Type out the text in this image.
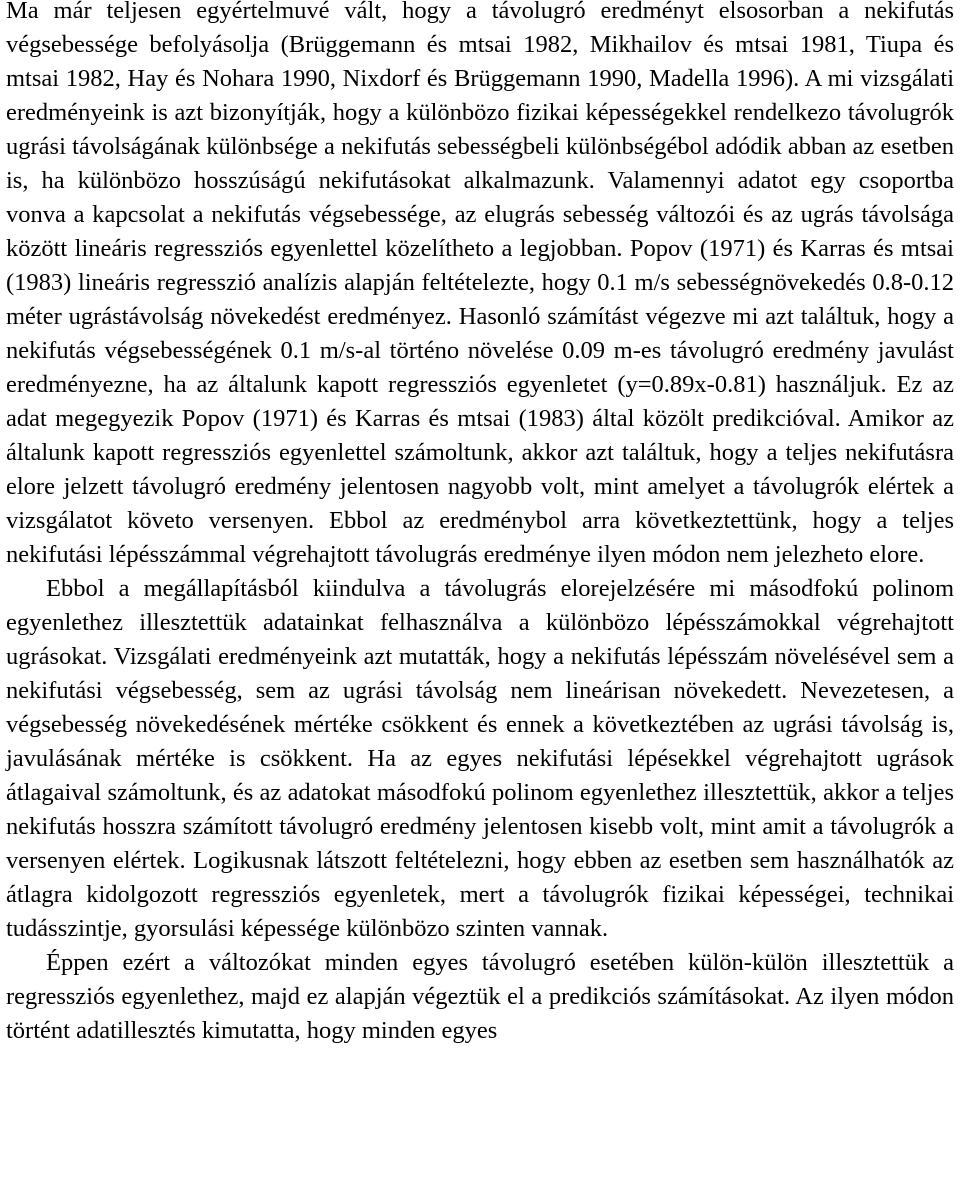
Ma már teljesen egyértelmuvé vált, hogy a távolugró eredményt elsosorban a nekifutás végsebessége befolyásolja (Brüggemann és mtsai 1982, Mikhailov és mtsai 1981, Tiupa és mtsai 1982, Hay és Nohara 1990, Nixdorf és Brüggemann 1990, Madella 1996). A mi vizsgálati eredményeink is azt bizonyítják, hogy a különbözo fizikai képességekkel rendelkezo távolugrók ugrási távolságának különbsége a nekifutás sebességbeli különbségébol adódik abban az esetben is, ha különbözo hosszúságú nekifutásokat alkalmazunk. Valamennyi adatot egy csoportba vonva a kapcsolat a nekifutás végsebessége, az elugrás sebesség változói és az ugrás távolsága között lineáris regressziós egyenlettel közelítheto a legjobban. Popov (1971) és Karras és mtsai (1983) lineáris regresszió analízis alapján feltételezte, hogy 0.1 m/s sebességnövekedés 0.8-0.12 méter ugrástávolság növekedést eredményez. Hasonló számítást végezve mi azt találtuk, hogy a nekifutás végsebességének 0.1 m/s-al történo növelése 0.09 m-es távolugró eredmény javulást eredményezne, ha az általunk kapott regressziós egyenletet (y=0.89x-0.81) használjuk. Ez az adat megegyezik Popov (1971) és Karras és mtsai (1983) által közölt predikcióval. Amikor az általunk kapott regressziós egyenlettel számoltunk, akkor azt találtuk, hogy a teljes nekifutásra elore jelzett távolugró eredmény jelentosen nagyobb volt, mint amelyet a távolugrók elértek a vizsgálatot követo versenyen. Ebbol az eredménybol arra következtettünk, hogy a teljes nekifutási lépésszámmal végrehajtott távolugrás eredménye ilyen módon nem jelezheto elore.

Ebbol a megállapításból kiindulva a távolugrás elorejelzésére mi másodfokú polinom egyenlethez illesztettük adatainkat felhasználva a különbözo lépésszámokkal végrehajtott ugrásokat. Vizsgálati eredményeink azt mutatták, hogy a nekifutás lépésszám növelésével sem a nekifutási végsebesség, sem az ugrási távolság nem lineárisan növekedett. Nevezetesen, a végsebesség növekedésének mértéke csökkent és ennek a következtében az ugrási távolság is, javulásának mértéke is csökkent. Ha az egyes nekifutási lépésekkel végrehajtott ugrások átlagaival számoltunk, és az adatokat másodfokú polinom egyenlethez illesztettük, akkor a teljes nekifutás hosszra számított távolugró eredmény jelentosen kisebb volt, mint amit a távolugrók a versenyen elértek. Logikusnak látszott feltételezni, hogy ebben az esetben sem használhatók az átlagra kidolgozott regressziós egyenletek, mert a távolugrók fizikai képességei, technikai tudásszintje, gyorsulási képessége különbözo szinten vannak.

Éppen ezért a változókat minden egyes távolugró esetében külön-külön illesztettük a regressziós egyenlethez, majd ez alapján végeztük el a predikciós számításokat. Az ilyen módon történt adatillesztés kimutatta, hogy minden egyes
